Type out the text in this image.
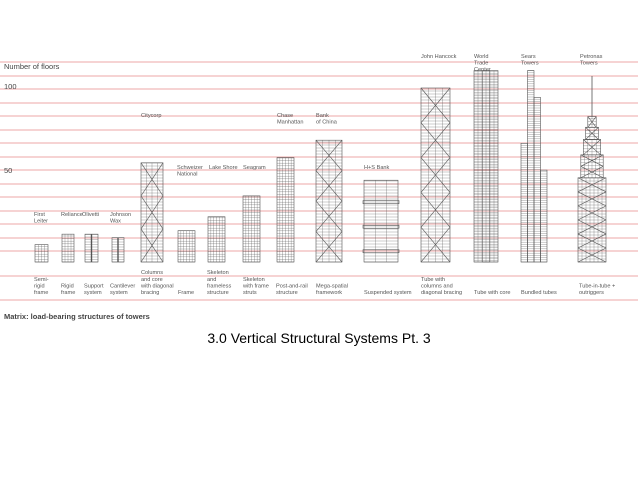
Number of floors
100
50
First Leiter
Semi-rigid frame
Reliance
Rigid frame
Olivetti
Support system
Johnson Wax
Cantilever system
Citycorp
Columns and core with diagonal bracing
Schweizer National
Frame
Lake Shore
Skeleton and frameless structure
Seagram
Skeleton with frame struts
Chase Manhattan
Post-and-rail structure
Bank of China
Mega-spatial framework
H+S Bank
Suspended system
John Hancock
Tube with columns and diagonal bracing
World Trade Center
Tube with core
Sears Towers
Bundled tubes
Petronas Towers
Tube-in-tube + outriggers
Matrix: load-bearing structures of towers
3.0 Vertical Structural Systems Pt. 3
